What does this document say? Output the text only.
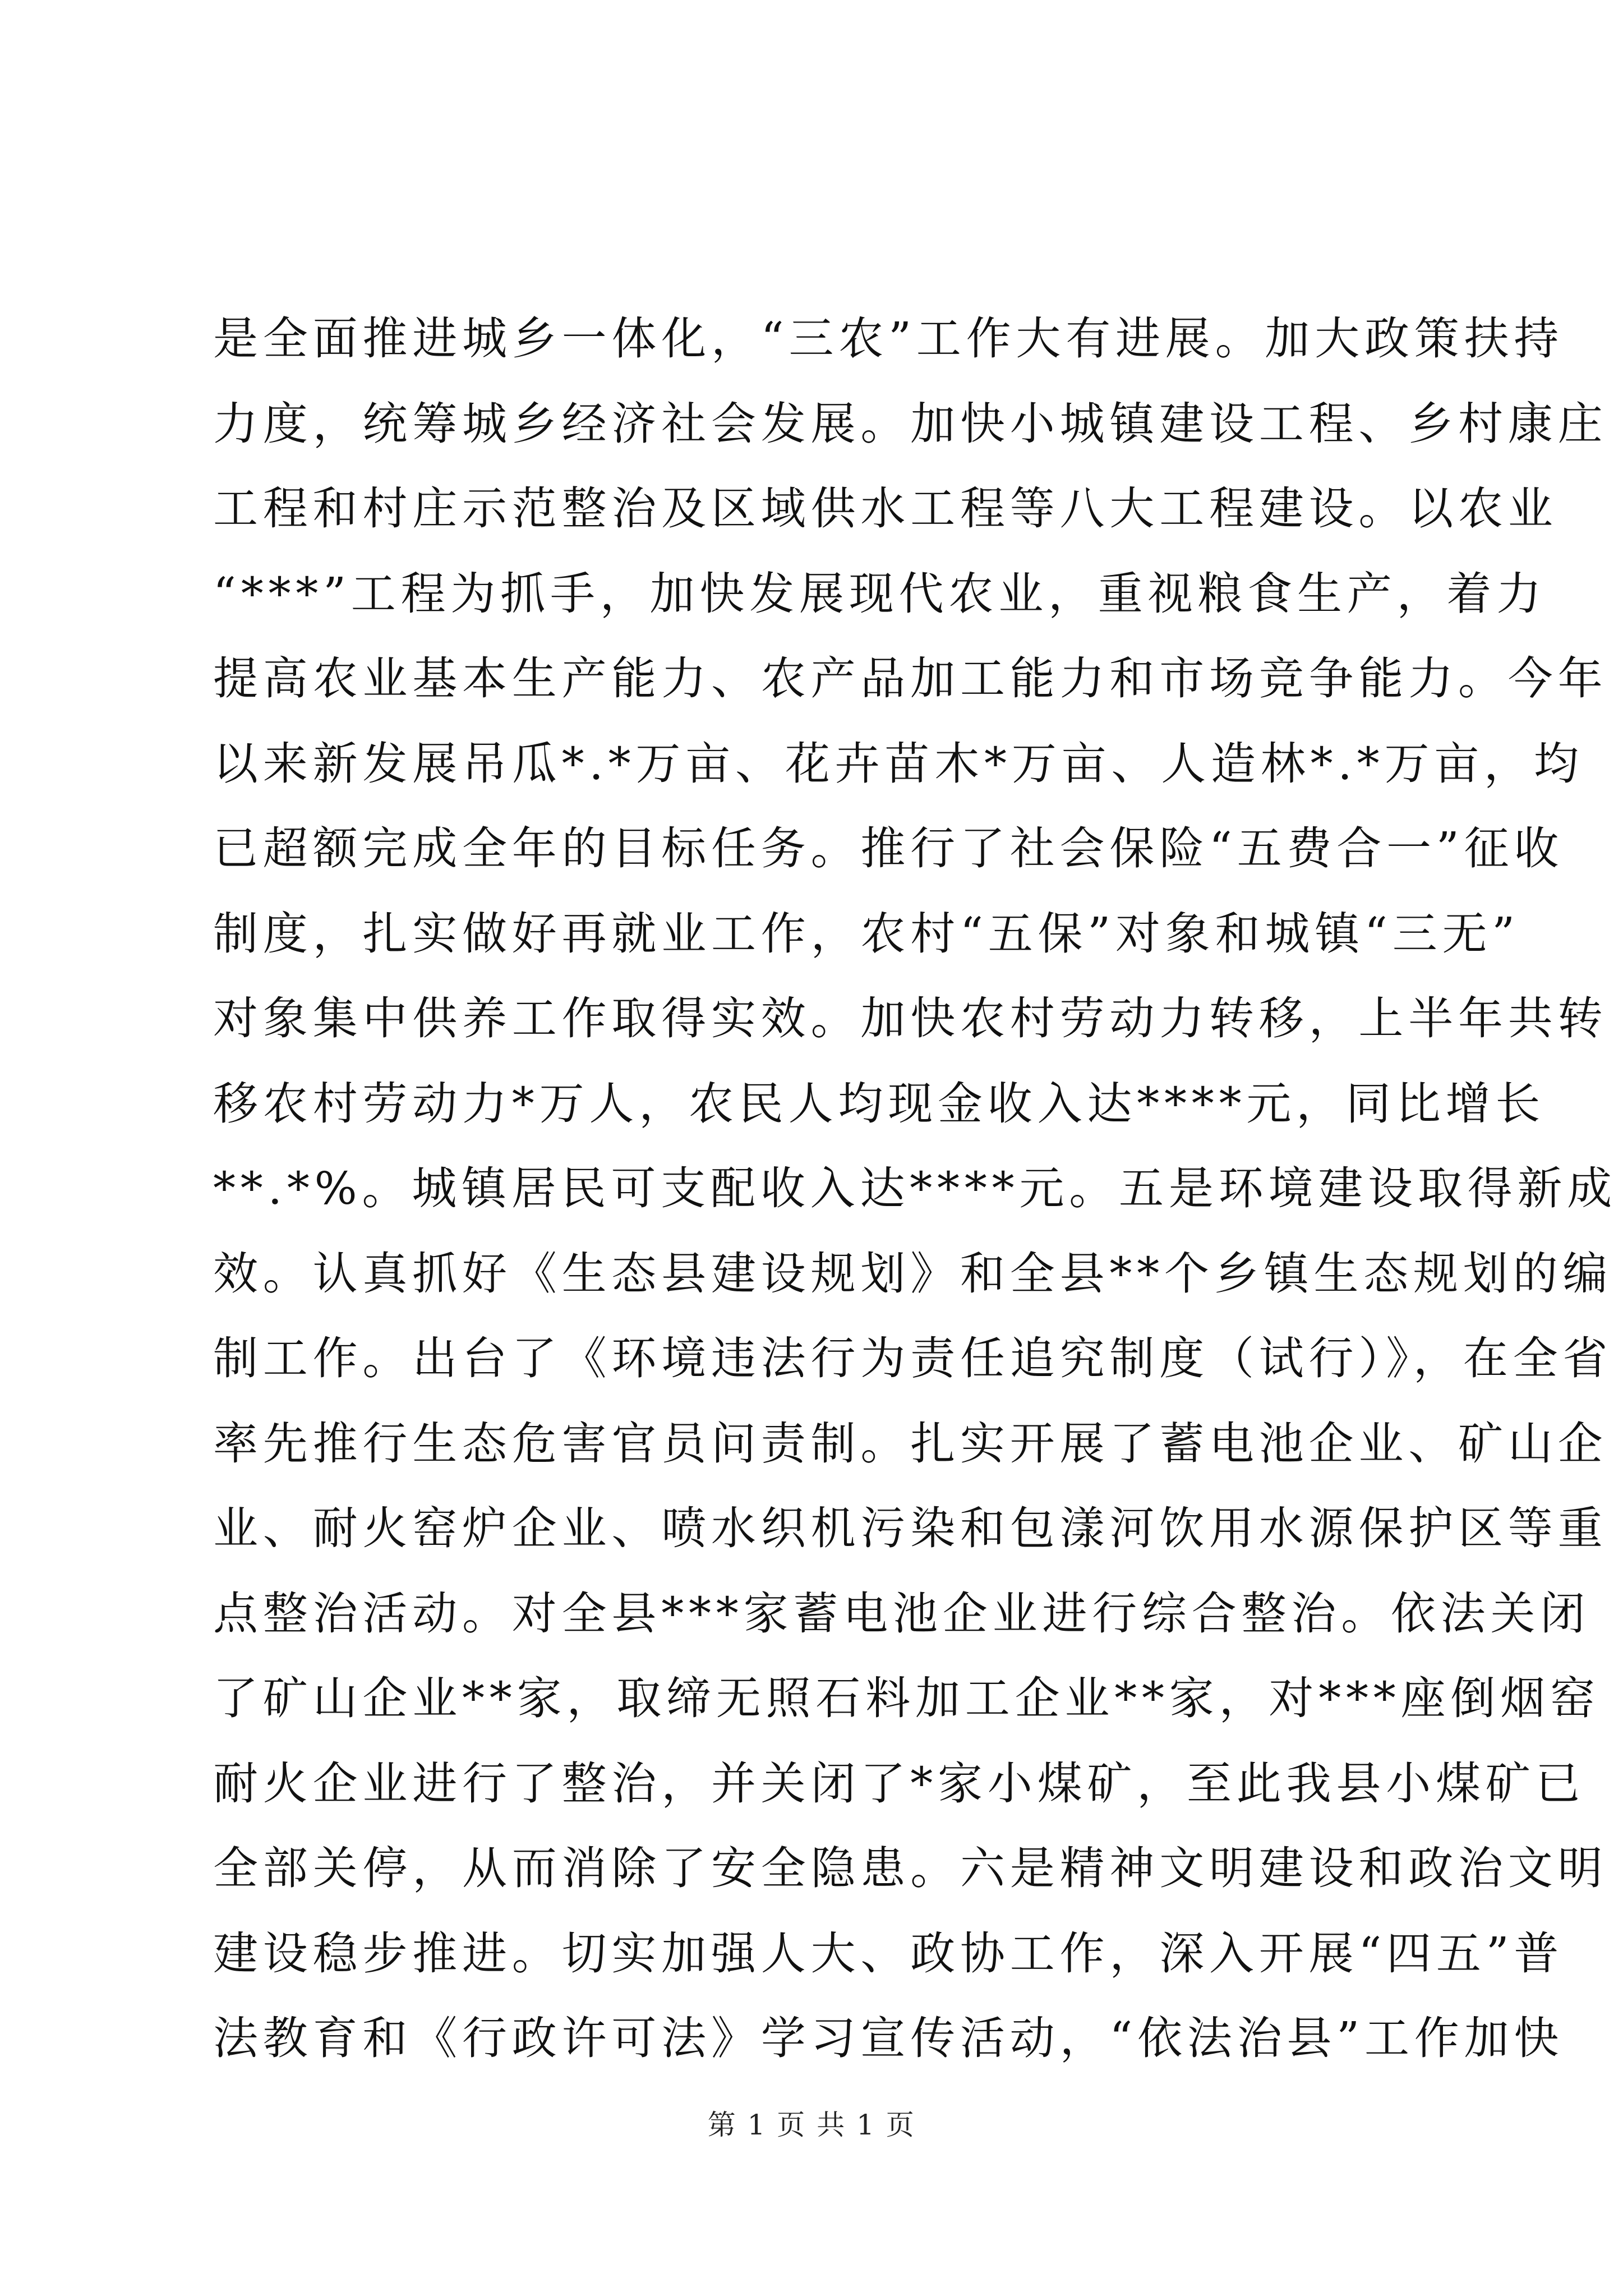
是全面推进城乡一体化，“三农”工作大有进展。加大政策扶持
力度，统筹城乡经济社会发展。加快小城镇建设工程、乡村康庄
工程和村庄示范整治及区域供水工程等八大工程建设。以农业
“***”工程为抓手，加快发展现代农业，重视粮食生产，着力
提高农业基本生产能力、农产品加工能力和市场竞争能力。今年
以来新发展吊瓜*.*万亩、花卉苗木*万亩、人造林*.*万亩，均
已超额完成全年的目标任务。推行了社会保险“五费合一”征收
制度，扎实做好再就业工作，农村“五保”对象和城镇“三无”
对象集中供养工作取得实效。加快农村劳动力转移，上半年共转
移农村劳动力*万人，农民人均现金收入达****元，同比增长
**.*%。城镇居民可支配收入达****元。五是环境建设取得新成
效。认真抓好《生态县建设规划》和全县**个乡镇生态规划的编
制工作。出台了《环境违法行为责任追究制度（试行）》，在全省
率先推行生态危害官员问责制。扎实开展了蓄电池企业、矿山企
业、耐火窑炉企业、喷水织机污染和包漾河饮用水源保护区等重
点整治活动。对全县***家蓄电池企业进行综合整治。依法关闭
了矿山企业**家，取缔无照石料加工企业**家，对***座倒烟窑
耐火企业进行了整治，并关闭了*家小煤矿，至此我县小煤矿已
全部关停，从而消除了安全隐患。六是精神文明建设和政治文明
建设稳步推进。切实加强人大、政协工作，深入开展“四五”普
法教育和《行政许可法》学习宣传活动，“依法治县”工作加快
第 1 页 共 1 页
